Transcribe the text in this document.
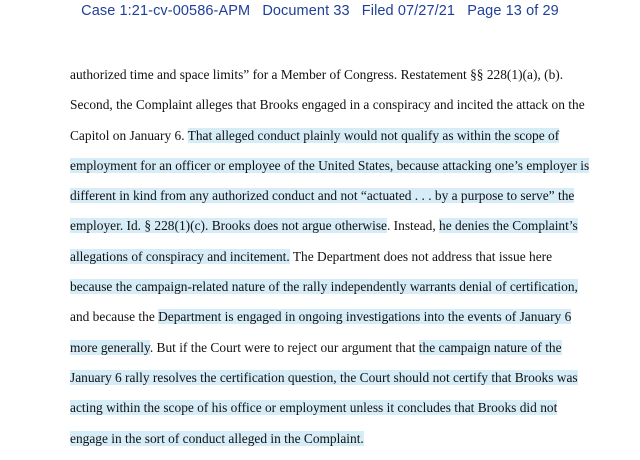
Case 1:21-cv-00586-APM Document 33 Filed 07/27/21 Page 13 of 29
authorized time and space limits” for a Member of Congress. Restatement §§ 228(1)(a), (b).
Second, the Complaint alleges that Brooks engaged in a conspiracy and incited the attack on the
Capitol on January 6. That alleged conduct plainly would not qualify as within the scope of
employment for an officer or employee of the United States, because attacking one’s employer is
different in kind from any authorized conduct and not “actuated . . . by a purpose to serve” the
employer. Id. § 228(1)(c). Brooks does not argue otherwise. Instead, he denies the Complaint’s
allegations of conspiracy and incitement. The Department does not address that issue here
because the campaign-related nature of the rally independently warrants denial of certification,
and because the Department is engaged in ongoing investigations into the events of January 6
more generally. But if the Court were to reject our argument that the campaign nature of the
January 6 rally resolves the certification question, the Court should not certify that Brooks was
acting within the scope of his office or employment unless it concludes that Brooks did not
engage in the sort of conduct alleged in the Complaint.
